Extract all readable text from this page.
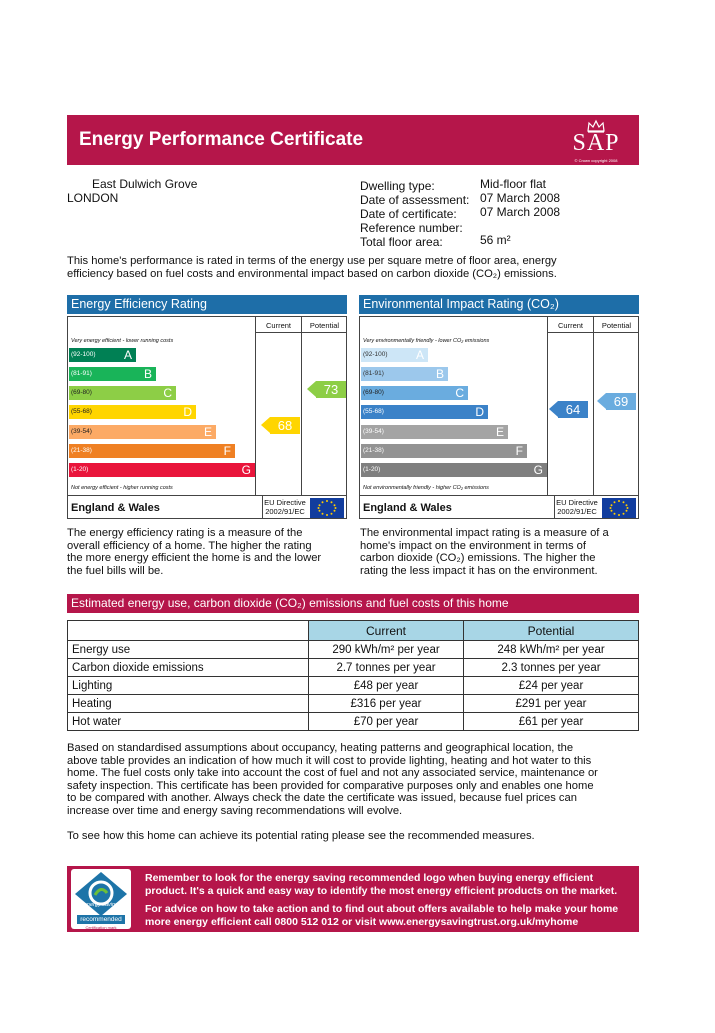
Energy Performance Certificate	SAP
© Crown copyright 2008
East Dulwich Grove
LONDON
Dwelling type:	Mid-floor flat
Date of assessment: 07 March 2008
Date of certificate: 07 March 2008
Reference number:
Total floor area:	56 m²
This home's performance is rated in terms of the energy use per square metre of floor area, energy
efficiency based on fuel costs and environmental impact based on carbon dioxide (CO₂) emissions.
Energy Efficiency Rating
Current	Potential
Very energy efficient - lower running costs
(92-100) A
(81-91)	B
(69-80)	C
(55-68)	D
(39-54)	E
(21-38)	F
(1-20)	G
Not energy efficient - higher running costs
68
73
England & Wales	EU Directive
2002/91/EC
Environmental Impact Rating (CO₂)
Current	Potential
Very environmentally friendly - lower CO₂ emissions
(92-100) A
(81-91)	B
(69-80)	C
(55-68)	D
(39-54)	E
(21-38)	F
(1-20)	G
Not environmentally friendly - higher CO₂ emissions
64
69
England & Wales	EU Directive
2002/91/EC
The energy efficiency rating is a measure of the
overall efficiency of a home. The higher the rating
the more energy efficient the home is and the lower
the fuel bills will be.
The environmental impact rating is a measure of a
home's impact on the environment in terms of
carbon dioxide (CO₂) emissions. The higher the
rating the less impact it has on the environment.
Estimated energy use, carbon dioxide (CO₂) emissions and fuel costs of this home
	Current	Potential
Energy use	290 kWh/m² per year	248 kWh/m² per year
Carbon dioxide emissions	2.7 tonnes per year	2.3 tonnes per year
Lighting	£48 per year	£24 per year
Heating	£316 per year	£291 per year
Hot water	£70 per year	£61 per year
Based on standardised assumptions about occupancy, heating patterns and geographical location, the
above table provides an indication of how much it will cost to provide lighting, heating and hot water to this
home. The fuel costs only take into account the cost of fuel and not any associated service, maintenance or
safety inspection. This certificate has been provided for comparative purposes only and enables one home
to be compared with another. Always check the date the certificate was issued, because fuel prices can
increase over time and energy saving recommendations will evolve.
To see how this home can achieve its potential rating please see the recommended measures.
energy saving
recommended
Certification mark
Remember to look for the energy saving recommended logo when buying energy efficient
product. It's a quick and easy way to identify the most energy efficient products on the market.
For advice on how to take action and to find out about offers available to help make your home
more energy efficient call 0800 512 012 or visit www.energysavingtrust.org.uk/myhome
